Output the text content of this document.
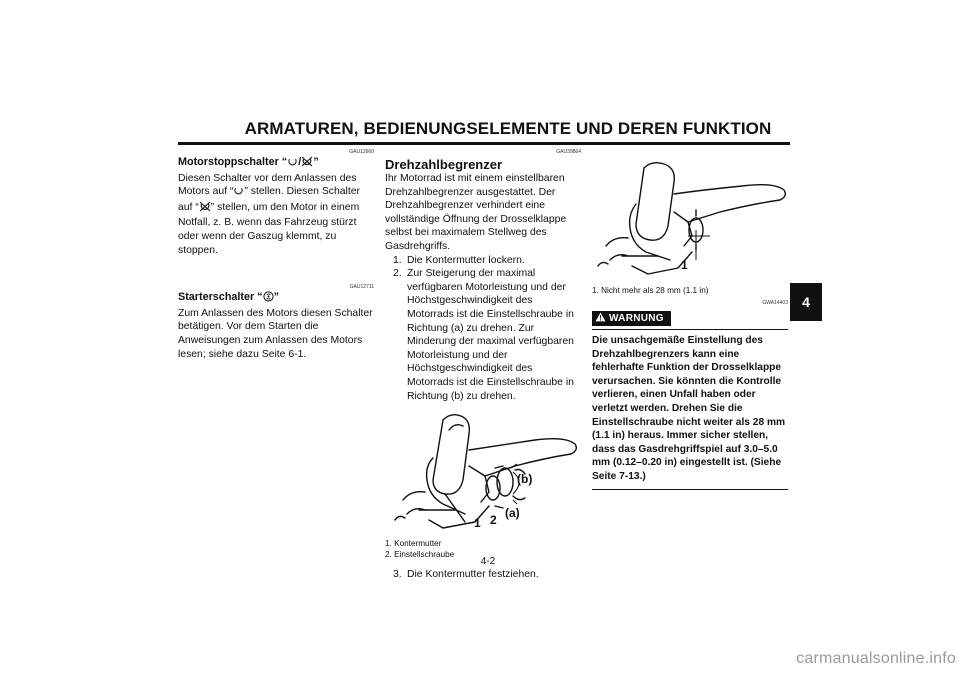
ARMATUREN, BEDIENUNGSELEMENTE UND DEREN FUNKTION
4
GAU12660
Motorstoppschalter “ / ”

Diesen Schalter vor dem Anlassen des Motors auf “ ” stellen. Diesen Schalter auf “ ” stellen, um den Motor in einem Notfall, z. B. wenn das Fahrzeug stürzt oder wenn der Gaszug klemmt, zu stoppen.

GAU12711
Starterschalter “ ”

Zum Anlassen des Motors diesen Schalter betätigen. Vor dem Starten die Anweisungen zum Anlassen des Motors lesen; siehe dazu Seite 6-1.

GAU39864
Drehzahlbegrenzer

Ihr Motorrad ist mit einem einstellbaren Drehzahlbegrenzer ausgestattet. Der Drehzahlbegrenzer verhindert eine vollständige Öffnung der Drosselklappe selbst bei maximalem Stellweg des Gasdrehgriffs.

1. Die Kontermutter lockern.
2. Zur Steigerung der maximal verfügbaren Motorleistung und der Höchstgeschwindigkeit des Motorrads ist die Einstellschraube in Richtung (a) zu drehen. Zur Minderung der maximal verfügbaren Motorleistung und der Höchstgeschwindigkeit des Motorrads ist die Einstellschraube in Richtung (b) zu drehen.
1 2 (a)
(b)
1. Kontermutter
2. Einstellschraube
3. Die Kontermutter festziehen.
1
1. Nicht mehr als 28 mm (1.1 in)
GWA14403
WARNUNG

Die unsachgemäße Einstellung des Drehzahlbegrenzers kann eine fehlerhafte Funktion der Drosselklappe verursachen. Sie könnten die Kontrolle verlieren, einen Unfall haben oder verletzt werden. Drehen Sie die Einstellschraube nicht weiter als 28 mm (1.1 in) heraus. Immer sicher stellen, dass das Gasdrehgriffspiel auf 3.0–5.0 mm (0.12–0.20 in) eingestellt ist. (Siehe Seite 7-13.)

4-2
carmanualsonline.info
